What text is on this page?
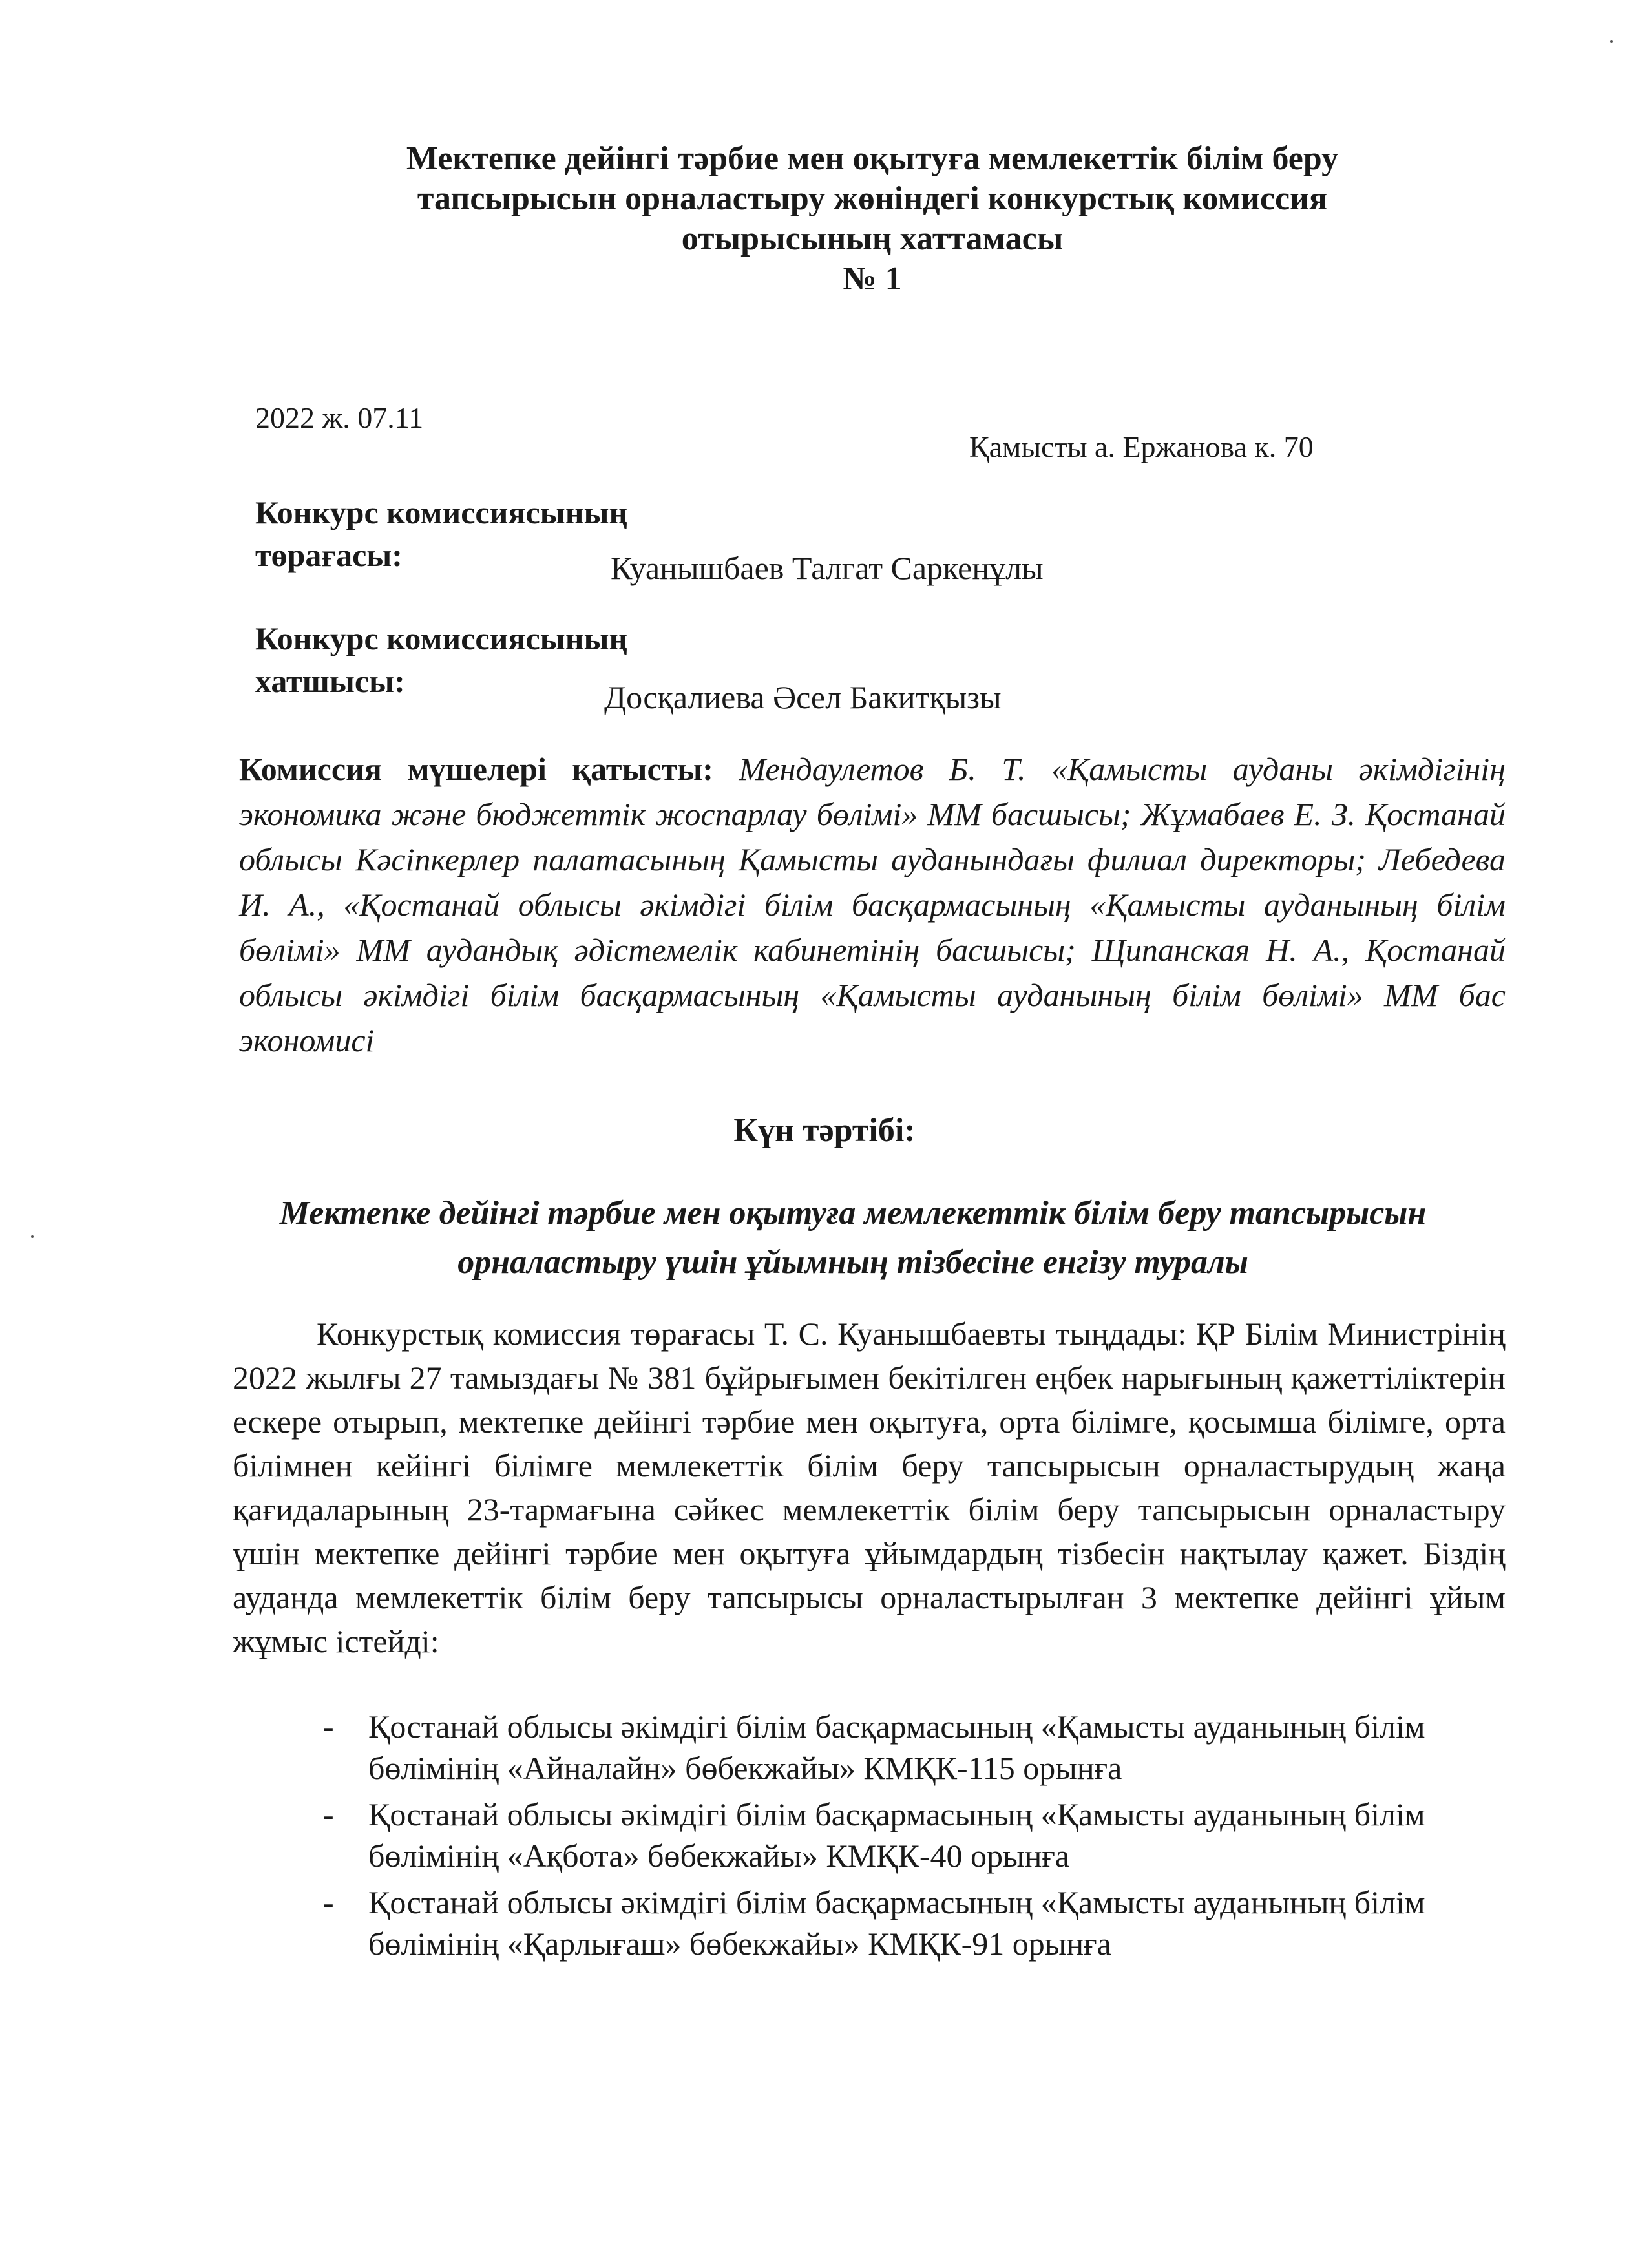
Мектепке дейінгі тәрбие мен оқытуға мемлекеттік білім беру
тапсырысын орналастыру жөніндегі конкурстық комиссия
отырысының хаттамасы
№ 1
2022 ж. 07.11
Қамысты а. Ержанова к. 70
Конкурс комиссиясының
төрағасы:	Куанышбаев Талгат Саркенұлы
Конкурс комиссиясының
хатшысы:	Досқалиева Әсел Бакитқызы
Комиссия мүшелері қатысты: Мендаулетов Б. Т. «Қамысты ауданы әкімдігінің экономика және бюджеттік жоспарлау бөлімі» ММ басшысы; Жұмабаев Е. З. Қостанай облысы Кәсіпкерлер палатасының Қамысты ауданындағы филиал директоры; Лебедева И. А., «Қостанай облысы әкімдігі білім басқармасының «Қамысты ауданының білім бөлімі» ММ аудандық әдістемелік кабинетінің басшысы; Щипанская Н. А., Қостанай облысы әкімдігі білім басқармасының «Қамысты ауданының білім бөлімі» ММ бас экономисі
Күн тәртібі:
Мектепке дейінгі тәрбие мен оқытуға мемлекеттік білім беру тапсырысын орналастыру үшін ұйымның тізбесіне енгізу туралы
Конкурстық комиссия төрағасы Т. С. Куанышбаевты тыңдады: ҚР Білім Министрінің 2022 жылғы 27 тамыздағы № 381 бұйрығымен бекітілген еңбек нарығының қажеттіліктерін ескере отырып, мектепке дейінгі тәрбие мен оқытуға, орта білімге, қосымша білімге, орта білімнен кейінгі білімге мемлекеттік білім беру тапсырысын орналастырудың жаңа қағидаларының 23-тармағына сәйкес мемлекеттік білім беру тапсырысын орналастыру үшін мектепке дейінгі тәрбие мен оқытуға ұйымдардың тізбесін нақтылау қажет. Біздің ауданда мемлекеттік білім беру тапсырысы орналастырылған 3 мектепке дейінгі ұйым жұмыс істейді:
- Қостанай облысы әкімдігі білім басқармасының «Қамысты ауданының білім бөлімінің «Айналайн» бөбекжайы» КМҚК-115 орынға
- Қостанай облысы әкімдігі білім басқармасының «Қамысты ауданының білім бөлімінің «Ақбота» бөбекжайы» КМҚК-40 орынға
- Қостанай облысы әкімдігі білім басқармасының «Қамысты ауданының білім бөлімінің «Қарлығаш» бөбекжайы» КМҚК-91 орынға
